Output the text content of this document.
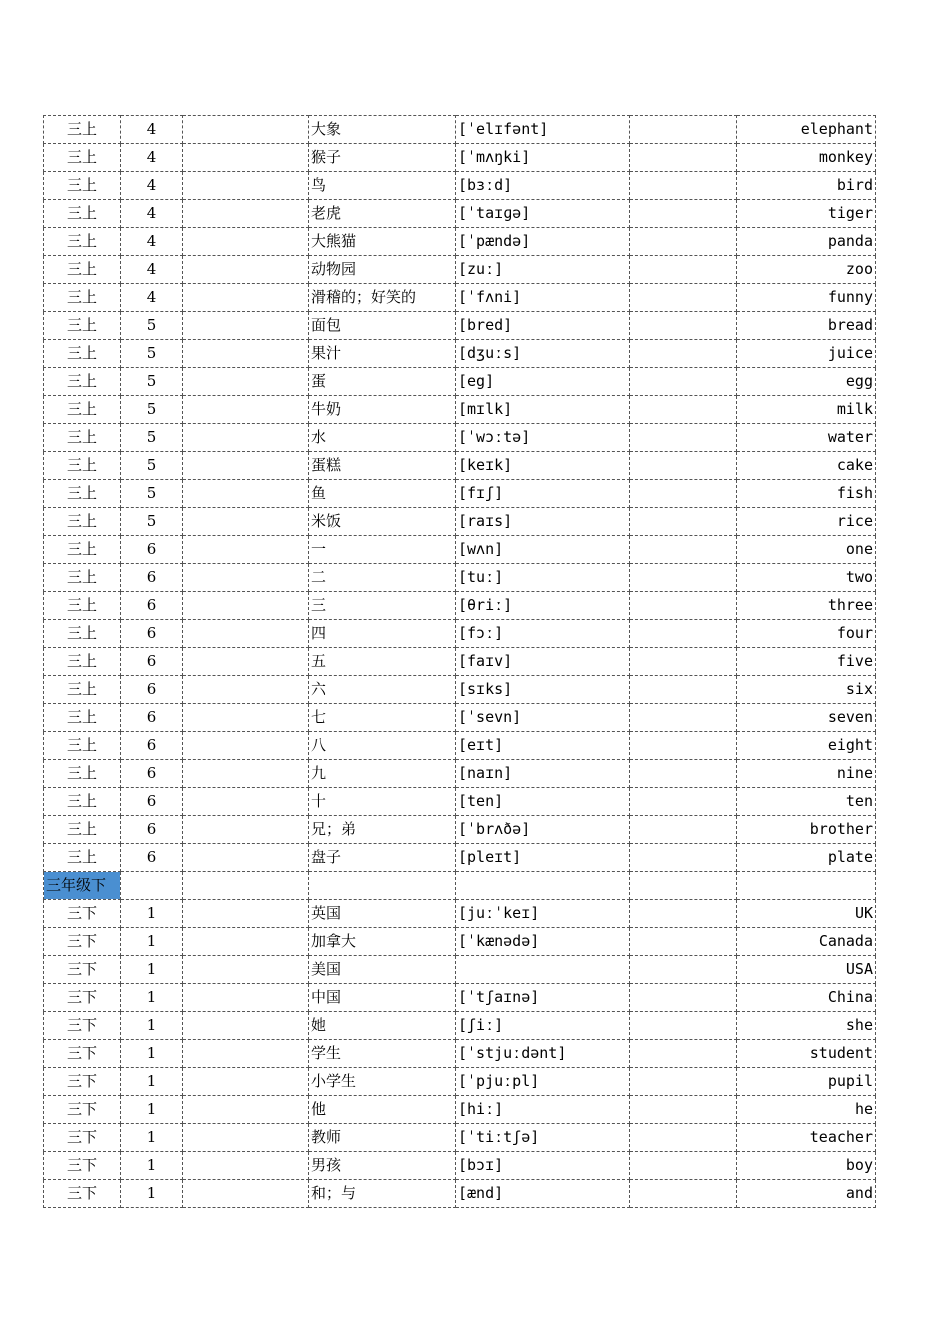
三上	4		大象	[ˈelɪfənt]		elephant
三上	4		猴子	[ˈmʌŋki]		monkey
三上	4		鸟	[bɜːd]		bird
三上	4		老虎	[ˈtaɪɡə]		tiger
三上	4		大熊猫	[ˈpændə]		panda
三上	4		动物园	[zuː]		zoo
三上	4		滑稽的；好笑的	[ˈfʌni]		funny
三上	5		面包	[bred]		bread
三上	5		果汁	[dʒuːs]		juice
三上	5		蛋	[eg]		egg
三上	5		牛奶	[mɪlk]		milk
三上	5		水	[ˈwɔːtə]		water
三上	5		蛋糕	[keɪk]		cake
三上	5		鱼	[fɪʃ]		fish
三上	5		米饭	[raɪs]		rice
三上	6		一	[wʌn]		one
三上	6		二	[tuː]		two
三上	6		三	[θriː]		three
三上	6		四	[fɔː]		four
三上	6		五	[faɪv]		five
三上	6		六	[sɪks]		six
三上	6		七	[ˈsevn]		seven
三上	6		八	[eɪt]		eight
三上	6		九	[naɪn]		nine
三上	6		十	[ten]		ten
三上	6		兄；弟	[ˈbrʌðə]		brother
三上	6		盘子	[pleɪt]		plate
三年级下						
三下	1		英国	[juːˈkeɪ]		UK
三下	1		加拿大	[ˈkænədə]		Canada
三下	1		美国			USA
三下	1		中国	[ˈtʃaɪnə]		China
三下	1		她	[ʃiː]		she
三下	1		学生	[ˈstjuːdənt]		student
三下	1		小学生	[ˈpjuːpl]		pupil
三下	1		他	[hiː]		he
三下	1		教师	[ˈtiːtʃə]		teacher
三下	1		男孩	[bɔɪ]		boy
三下	1		和；与	[ænd]		and
